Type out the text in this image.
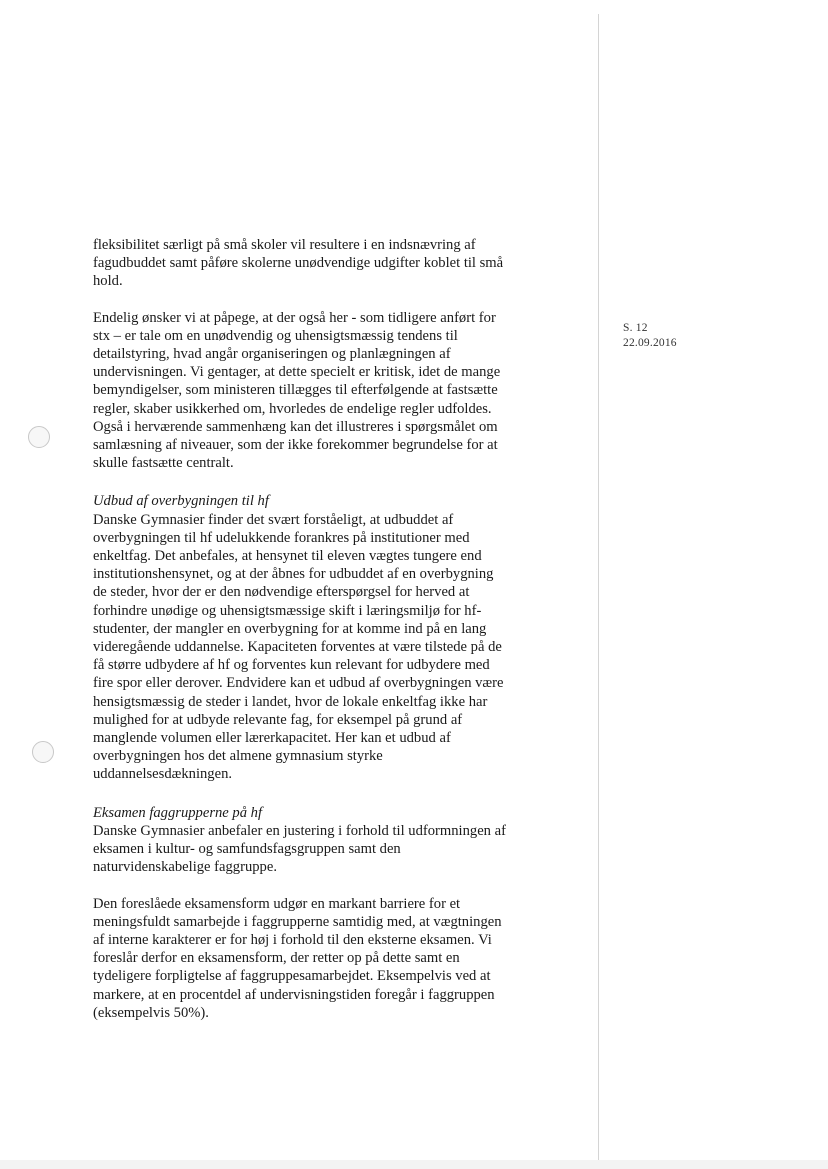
S. 12
22.09.2016

fleksibilitet særligt på små skoler vil resultere i en indsnævring af
fagudbuddet samt påføre skolerne unødvendige udgifter koblet til små
hold.

Endelig ønsker vi at påpege, at der også her - som tidligere anført for
stx – er tale om en unødvendig og uhensigtsmæssig tendens til
detailstyring, hvad angår organiseringen og planlægningen af
undervisningen. Vi gentager, at dette specielt er kritisk, idet de mange
bemyndigelser, som ministeren tillægges til efterfølgende at fastsætte
regler, skaber usikkerhed om, hvorledes de endelige regler udfoldes.
Også i herværende sammenhæng kan det illustreres i spørgsmålet om
samlæsning af niveauer, som der ikke forekommer begrundelse for at
skulle fastsætte centralt.

Udbud af overbygningen til hf

Danske Gymnasier finder det svært forståeligt, at udbuddet af
overbygningen til hf udelukkende forankres på institutioner med
enkeltfag. Det anbefales, at hensynet til eleven vægtes tungere end
institutionshensynet, og at der åbnes for udbuddet af en overbygning
de steder, hvor der er den nødvendige efterspørgsel for herved at
forhindre unødige og uhensigtsmæssige skift i læringsmiljø for hf-
studenter, der mangler en overbygning for at komme ind på en lang
videregående uddannelse. Kapaciteten forventes at være tilstede på de
få større udbydere af hf og forventes kun relevant for udbydere med
fire spor eller derover. Endvidere kan et udbud af overbygningen være
hensigtsmæssig de steder i landet, hvor de lokale enkeltfag ikke har
mulighed for at udbyde relevante fag, for eksempel på grund af
manglende volumen eller lærerkapacitet. Her kan et udbud af
overbygningen hos det almene gymnasium styrke
uddannelsesdækningen.

Eksamen faggrupperne på hf

Danske Gymnasier anbefaler en justering i forhold til udformningen af
eksamen i kultur- og samfundsfagsgruppen samt den
naturvidenskabelige faggruppe.

Den foreslåede eksamensform udgør en markant barriere for et
meningsfuldt samarbejde i faggrupperne samtidig med, at vægtningen
af interne karakterer er for høj i forhold til den eksterne eksamen. Vi
foreslår derfor en eksamensform, der retter op på dette samt en
tydeligere forpligtelse af faggruppesamarbejdet. Eksempelvis ved at
markere, at en procentdel af undervisningstiden foregår i faggruppen
(eksempelvis 50%).
